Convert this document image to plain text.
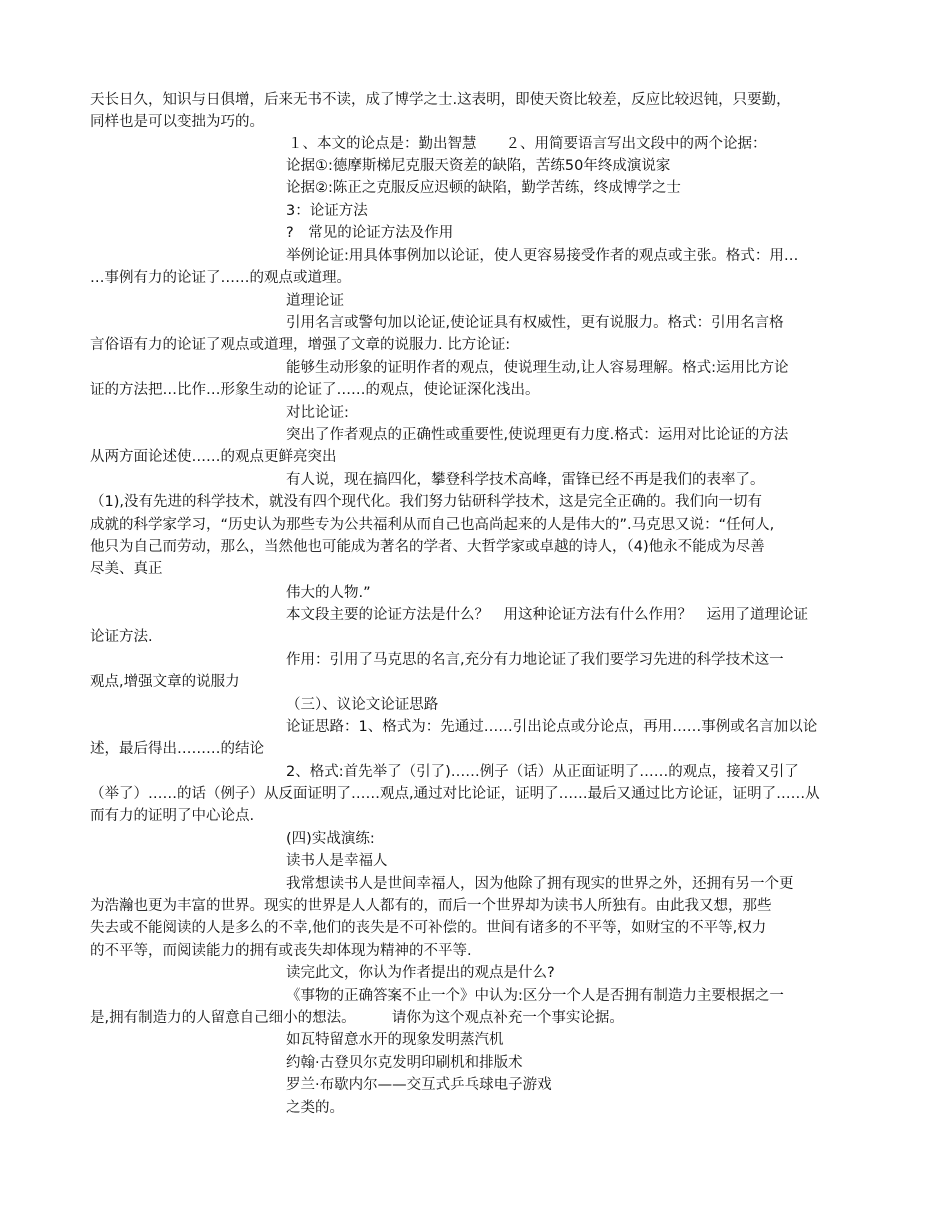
天长日久，知识与日俱增，后来无书不读，成了博学之士.这表明，即使天资比较差，反应比较迟钝，只要勤，

同样也是可以变拙为巧的。

１、本文的论点是：勤出智慧　　２、用简要语言写出文段中的两个论据：

论据①:德摩斯梯尼克服天资差的缺陷，苦练50年终成演说家

论据②:陈正之克服反应迟顿的缺陷，勤学苦练，终成博学之士

3：论证方法

?　常见的论证方法及作用

举例论证:用具体事例加以论证，使人更容易接受作者的观点或主张。格式：用…

…事例有力的论证了……的观点或道理。

道理论证

引用名言或警句加以论证,使论证具有权威性，更有说服力。格式：引用名言格

言俗语有力的论证了观点或道理，增强了文章的说服力. 比方论证:

能够生动形象的证明作者的观点，使说理生动,让人容易理解。格式:运用比方论

证的方法把…比作…形象生动的论证了……的观点，使论证深化浅出。

对比论证:

突出了作者观点的正确性或重要性,使说理更有力度.格式：运用对比论证的方法

从两方面论述使……的观点更鲜亮突出

有人说，现在搞四化，攀登科学技术高峰，雷锋已经不再是我们的表率了。

（1),没有先进的科学技术，就没有四个现代化。我们努力钻研科学技术，这是完全正确的。我们向一切有

成就的科学家学习，“历史认为那些专为公共福利从而自己也高尚起来的人是伟大的”.马克思又说：“任何人,

他只为自己而劳动，那么，当然他也可能成为著名的学者、大哲学家或卓越的诗人，（4)他永不能成为尽善

尽美、真正

伟大的人物.”

本文段主要的论证方法是什么？　用这种论证方法有什么作用？　运用了道理论证

论证方法.

作用：引用了马克思的名言,充分有力地论证了我们要学习先进的科学技术这一

观点,增强文章的说服力

（三）、议论文论证思路

论证思路：1、格式为：先通过……引出论点或分论点，再用……事例或名言加以论

述，最后得出………的结论

2、格式:首先举了（引了)……例子（话）从正面证明了……的观点，接着又引了

（举了）……的话（例子）从反面证明了……观点,通过对比论证，证明了……最后又通过比方论证，证明了……从

而有力的证明了中心论点.

(四)实战演练:

读书人是幸福人

我常想读书人是世间幸福人，因为他除了拥有现实的世界之外，还拥有另一个更

为浩瀚也更为丰富的世界。现实的世界是人人都有的，而后一个世界却为读书人所独有。由此我又想，那些

失去或不能阅读的人是多么的不幸,他们的丧失是不可补偿的。世间有诸多的不平等，如财宝的不平等,权力

的不平等，而阅读能力的拥有或丧失却体现为精神的不平等.

读完此文，你认为作者提出的观点是什么?

《事物的正确答案不止一个》中认为:区分一个人是否拥有制造力主要根据之一

是,拥有制造力的人留意自己细小的想法。　　　请你为这个观点补充一个事实论据。

如瓦特留意水开的现象发明蒸汽机

约翰·古登贝尔克发明印刷机和排版术

罗兰·布歇内尔——交互式乒乓球电子游戏

之类的。
